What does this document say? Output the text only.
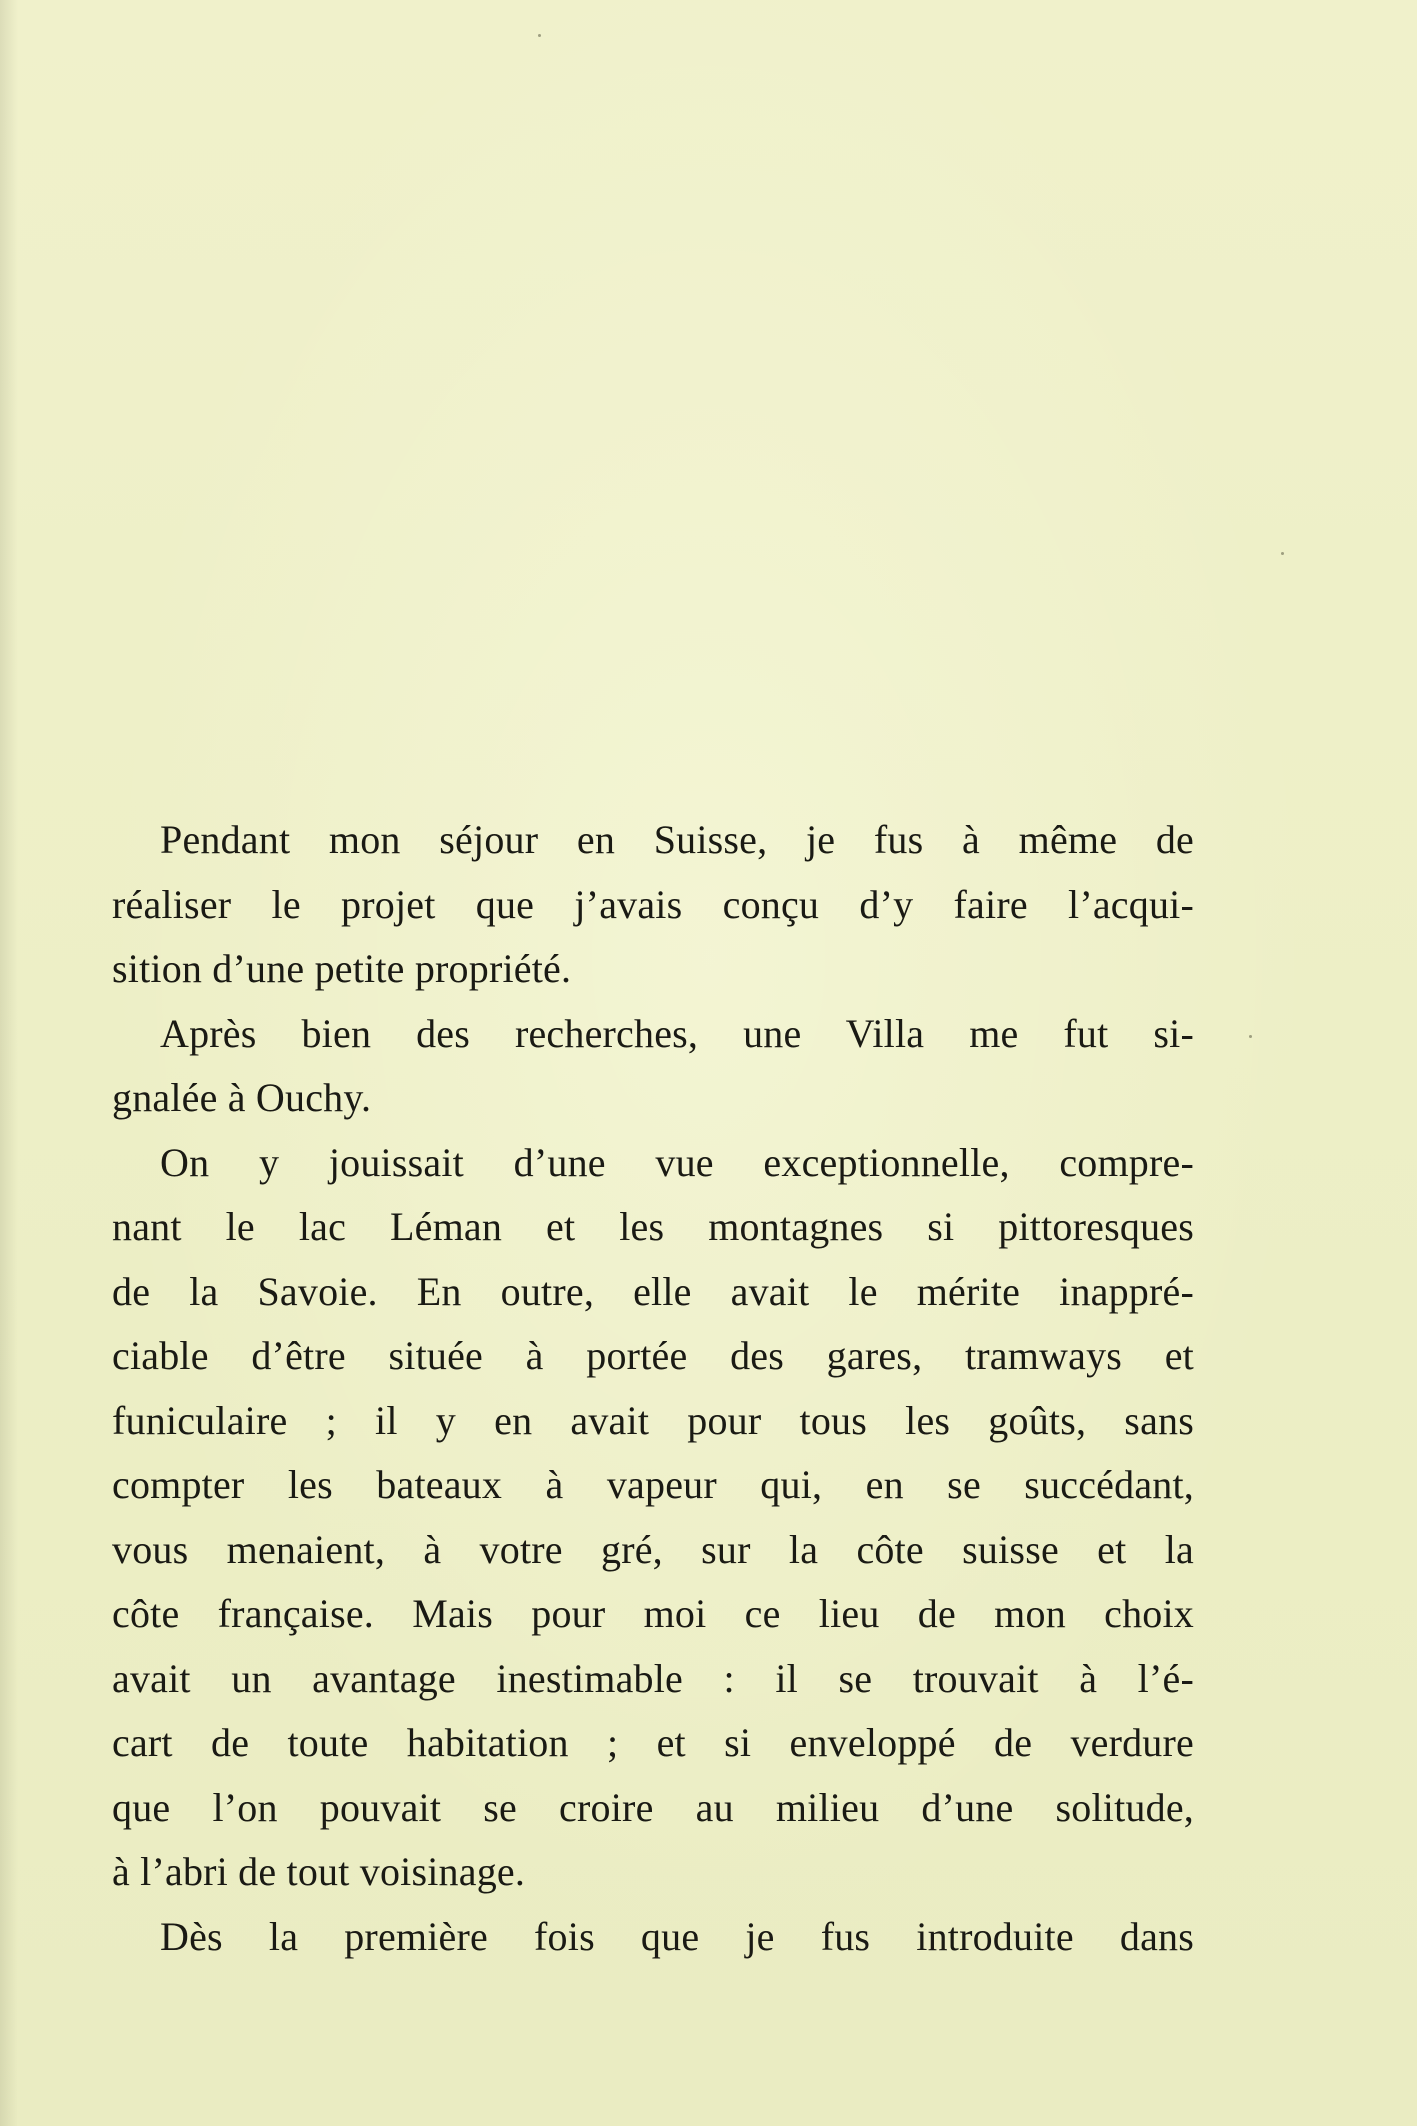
Pendant mon séjour en Suisse, je fus à même de
réaliser le projet que j’avais conçu d’y faire l’acqui-
sition d’une petite propriété.
Après bien des recherches, une Villa me fut si-
gnalée à Ouchy.
On y jouissait d’une vue exceptionnelle, compre-
nant le lac Léman et les montagnes si pittoresques
de la Savoie. En outre, elle avait le mérite inappré-
ciable d’être située à portée des gares, tramways et
funiculaire ; il y en avait pour tous les goûts, sans
compter les bateaux à vapeur qui, en se succédant,
vous menaient, à votre gré, sur la côte suisse et la
côte française. Mais pour moi ce lieu de mon choix
avait un avantage inestimable : il se trouvait à l’é-
cart de toute habitation ; et si enveloppé de verdure
que l’on pouvait se croire au milieu d’une solitude,
à l’abri de tout voisinage.
Dès la première fois que je fus introduite dans
